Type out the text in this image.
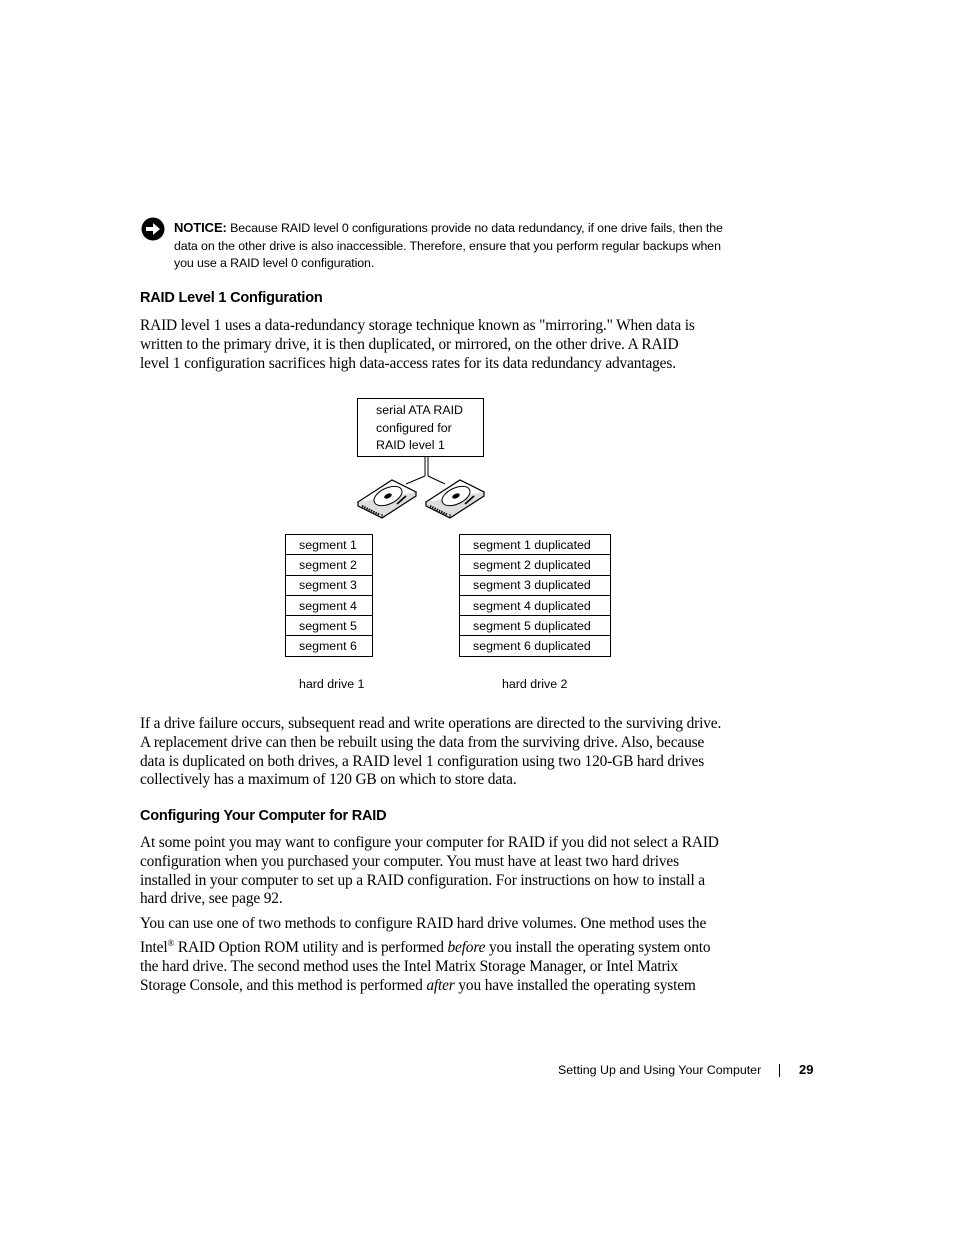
NOTICE: Because RAID level 0 configurations provide no data redundancy, if one drive fails, then the
data on the other drive is also inaccessible. Therefore, ensure that you perform regular backups when
you use a RAID level 0 configuration.
RAID Level 1 Configuration

RAID level 1 uses a data-redundancy storage technique known as "mirroring." When data is
written to the primary drive, it is then duplicated, or mirrored, on the other drive. A RAID
level 1 configuration sacrifices high data-access rates for its data redundancy advantages.

serial ATA RAID
configured for
RAID level 1
segment 1
segment 2
segment 3
segment 4
segment 5
segment 6
segment 1 duplicated
segment 2 duplicated
segment 3 duplicated
segment 4 duplicated
segment 5 duplicated
segment 6 duplicated
hard drive 1	hard drive 2

If a drive failure occurs, subsequent read and write operations are directed to the surviving drive.
A replacement drive can then be rebuilt using the data from the surviving drive. Also, because
data is duplicated on both drives, a RAID level 1 configuration using two 120-GB hard drives
collectively has a maximum of 120 GB on which to store data.

Configuring Your Computer for RAID

At some point you may want to configure your computer for RAID if you did not select a RAID
configuration when you purchased your computer. You must have at least two hard drives
installed in your computer to set up a RAID configuration. For instructions on how to install a
hard drive, see page 92.

You can use one of two methods to configure RAID hard drive volumes. One method uses the
Intel® RAID Option ROM utility and is performed before you install the operating system onto
the hard drive. The second method uses the Intel Matrix Storage Manager, or Intel Matrix
Storage Console, and this method is performed after you have installed the operating system

Setting Up and Using Your Computer	29
